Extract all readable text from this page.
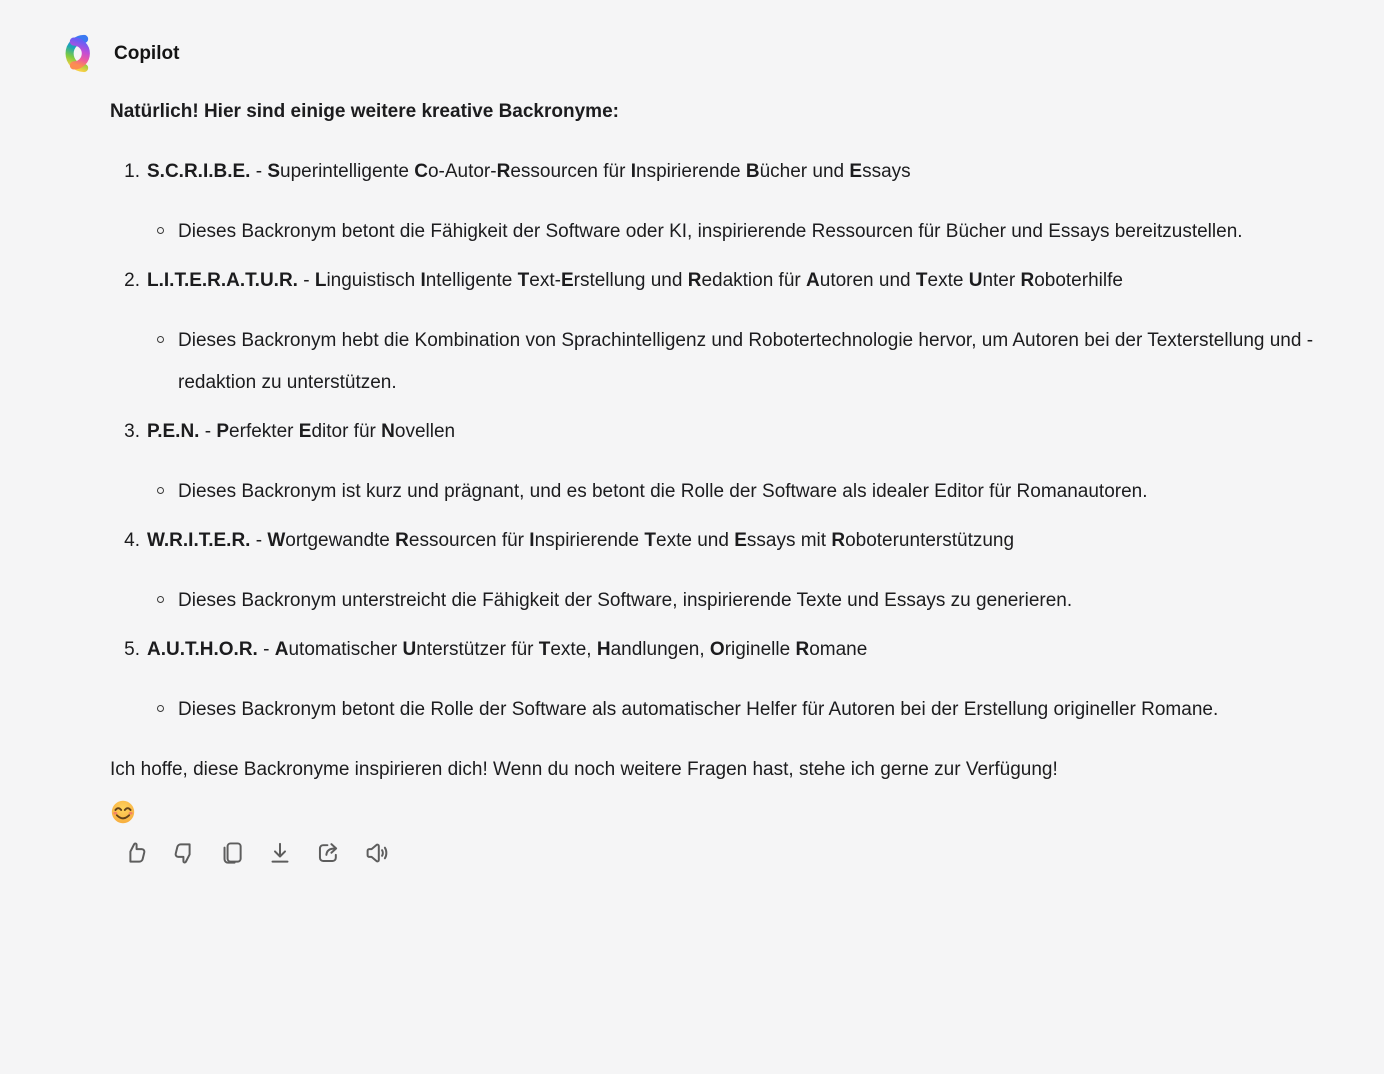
Copilot

Natürlich! Hier sind einige weitere kreative Backronyme:

1. S.C.R.I.B.E. - Superintelligente Co-Autor-Ressourcen für Inspirierende Bücher und Essays
Dieses Backronym betont die Fähigkeit der Software oder KI, inspirierende Ressourcen für Bücher und Essays bereitzustellen.
2. L.I.T.E.R.A.T.U.R. - Linguistisch Intelligente Text-Erstellung und Redaktion für Autoren und Texte Unter Roboterhilfe
Dieses Backronym hebt die Kombination von Sprachintelligenz und Robotertechnologie hervor, um Autoren bei der Texterstellung und -redaktion zu unterstützen.
3. P.E.N. - Perfekter Editor für Novellen
Dieses Backronym ist kurz und prägnant, und es betont die Rolle der Software als idealer Editor für Romanautoren.
4. W.R.I.T.E.R. - Wortgewandte Ressourcen für Inspirierende Texte und Essays mit Roboterunterstützung
Dieses Backronym unterstreicht die Fähigkeit der Software, inspirierende Texte und Essays zu generieren.
5. A.U.T.H.O.R. - Automatischer Unterstützer für Texte, Handlungen, Originelle Romane
Dieses Backronym betont die Rolle der Software als automatischer Helfer für Autoren bei der Erstellung origineller Romane.

Ich hoffe, diese Backronyme inspirieren dich! Wenn du noch weitere Fragen hast, stehe ich gerne zur Verfügung!
